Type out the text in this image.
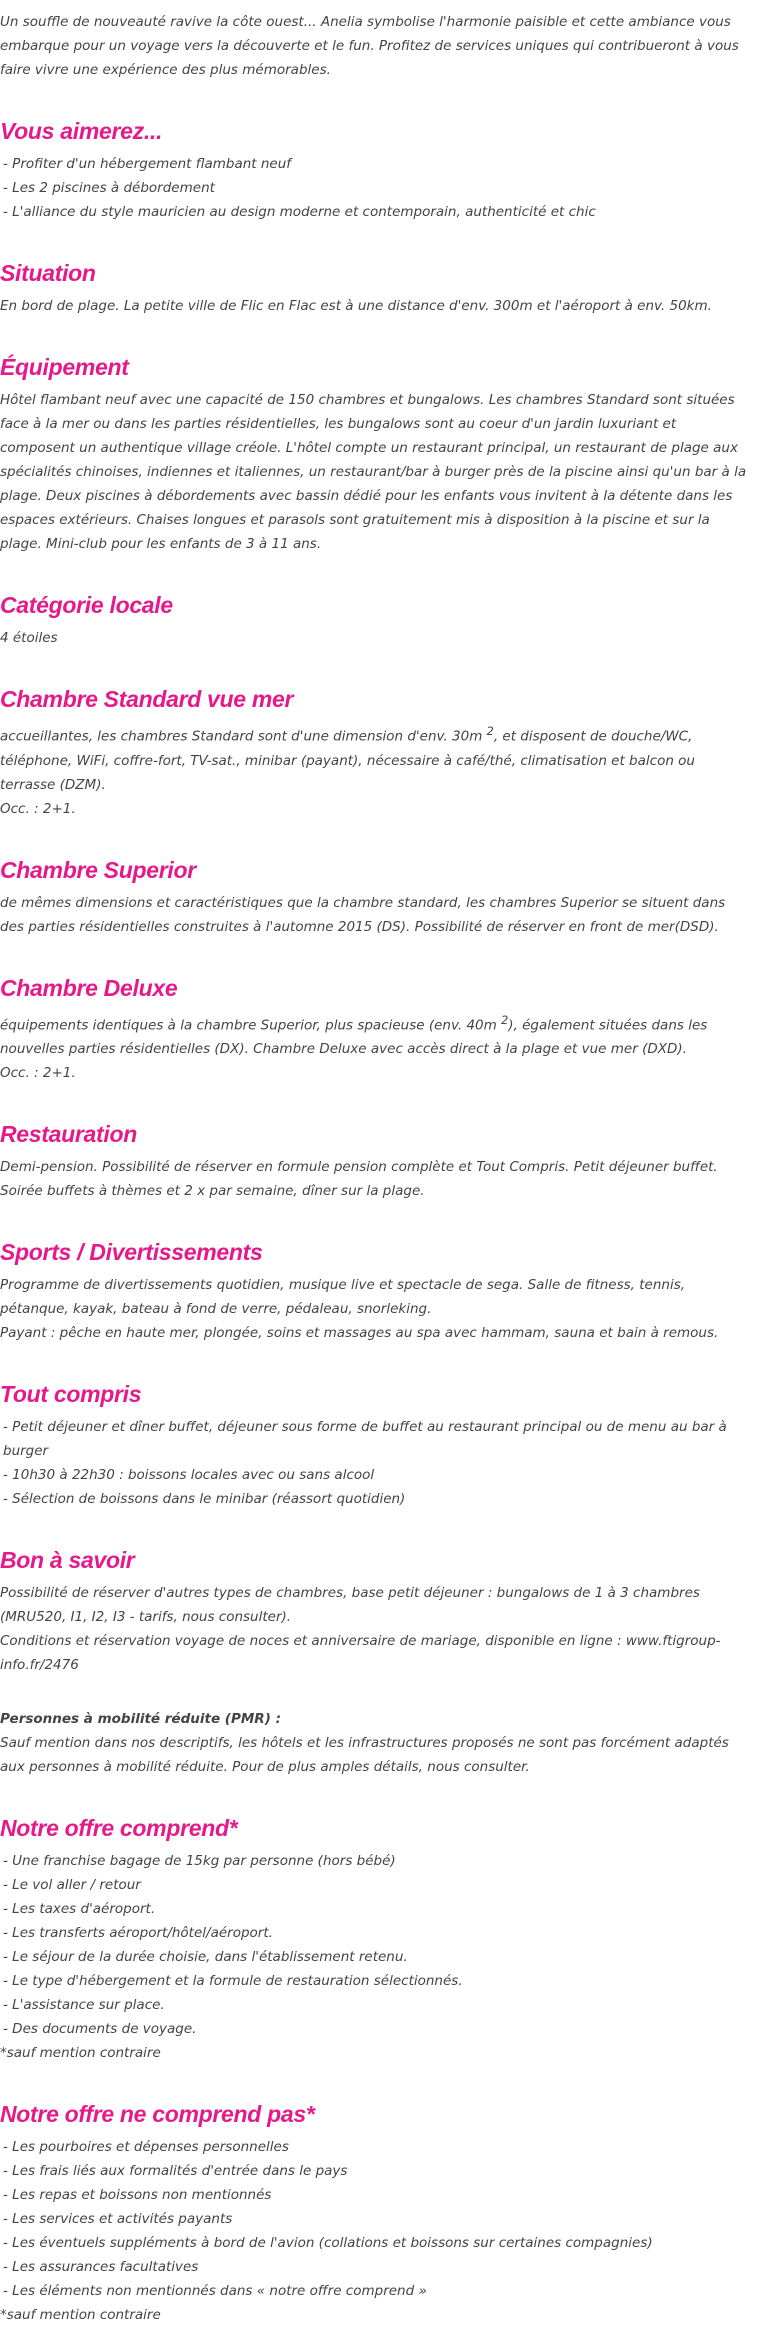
Un souffle de nouveauté ravive la côte ouest... Anelia symbolise l'harmonie paisible et cette ambiance vous embarque pour un voyage vers la découverte et le fun. Profitez de services uniques qui contribueront à vous faire vivre une expérience des plus mémorables.

Vous aimerez...
- Profiter d'un hébergement flambant neuf
- Les 2 piscines à débordement
- L'alliance du style mauricien au design moderne et contemporain, authenticité et chic
Situation

En bord de plage. La petite ville de Flic en Flac est à une distance d'env. 300m et l'aéroport à env. 50km.

Équipement

Hôtel flambant neuf avec une capacité de 150 chambres et bungalows. Les chambres Standard sont situées face à la mer ou dans les parties résidentielles, les bungalows sont au coeur d'un jardin luxuriant et composent un authentique village créole. L'hôtel compte un restaurant principal, un restaurant de plage aux spécialités chinoises, indiennes et italiennes, un restaurant/bar à burger près de la piscine ainsi qu'un bar à la plage. Deux piscines à débordements avec bassin dédié pour les enfants vous invitent à la détente dans les espaces extérieurs. Chaises longues et parasols sont gratuitement mis à disposition à la piscine et sur la plage. Mini-club pour les enfants de 3 à 11 ans.

Catégorie locale

4 étoiles

Chambre Standard vue mer

accueillantes, les chambres Standard sont d'une dimension d'env. 30m $^2$, et disposent de douche/WC, téléphone, WiFi, coffre-fort, TV-sat., minibar (payant), nécessaire à café/thé, climatisation et balcon ou terrasse (DZM).

Occ. : 2+1.

Chambre Superior

de mêmes dimensions et caractéristiques que la chambre standard, les chambres Superior se situent dans des parties résidentielles construites à l'automne 2015 (DS). Possibilité de réserver en front de mer(DSD).

Chambre Deluxe

équipements identiques à la chambre Superior, plus spacieuse (env. 40m $^2$), également situées dans les nouvelles parties résidentielles (DX). Chambre Deluxe avec accès direct à la plage et vue mer (DXD).

Occ. : 2+1.

Restauration

Demi-pension. Possibilité de réserver en formule pension complète et Tout Compris. Petit déjeuner buffet. Soirée buffets à thèmes et 2 x par semaine, dîner sur la plage.

Sports / Divertissements

Programme de divertissements quotidien, musique live et spectacle de sega. Salle de fitness, tennis, pétanque, kayak, bateau à fond de verre, pédaleau, snorleking.

Payant : pêche en haute mer, plongée, soins et massages au spa avec hammam, sauna et bain à remous.

Tout compris
- Petit déjeuner et dîner buffet, déjeuner sous forme de buffet au restaurant principal ou de menu au bar à burger
- 10h30 à 22h30 : boissons locales avec ou sans alcool
- Sélection de boissons dans le minibar (réassort quotidien)
Bon à savoir

Possibilité de réserver d'autres types de chambres, base petit déjeuner : bungalows de 1 à 3 chambres (MRU520, I1, I2, I3 - tarifs, nous consulter).

Conditions et réservation voyage de noces et anniversaire de mariage, disponible en ligne : www.ftigroup-info.fr/2476

Personnes à mobilité réduite (PMR) :

Sauf mention dans nos descriptifs, les hôtels et les infrastructures proposés ne sont pas forcément adaptés aux personnes à mobilité réduite. Pour de plus amples détails, nous consulter.

Notre offre comprend*
- Une franchise bagage de 15kg par personne (hors bébé)
- Le vol aller / retour
- Les taxes d'aéroport.
- Les transferts aéroport/hôtel/aéroport.
- Le séjour de la durée choisie, dans l'établissement retenu.
- Le type d'hébergement et la formule de restauration sélectionnés.
- L'assistance sur place.
- Des documents de voyage.

*sauf mention contraire

Notre offre ne comprend pas*
- Les pourboires et dépenses personnelles
- Les frais liés aux formalités d'entrée dans le pays
- Les repas et boissons non mentionnés
- Les services et activités payants
- Les éventuels suppléments à bord de l'avion (collations et boissons sur certaines compagnies)
- Les assurances facultatives
- Les éléments non mentionnés dans « notre offre comprend »

*sauf mention contraire
